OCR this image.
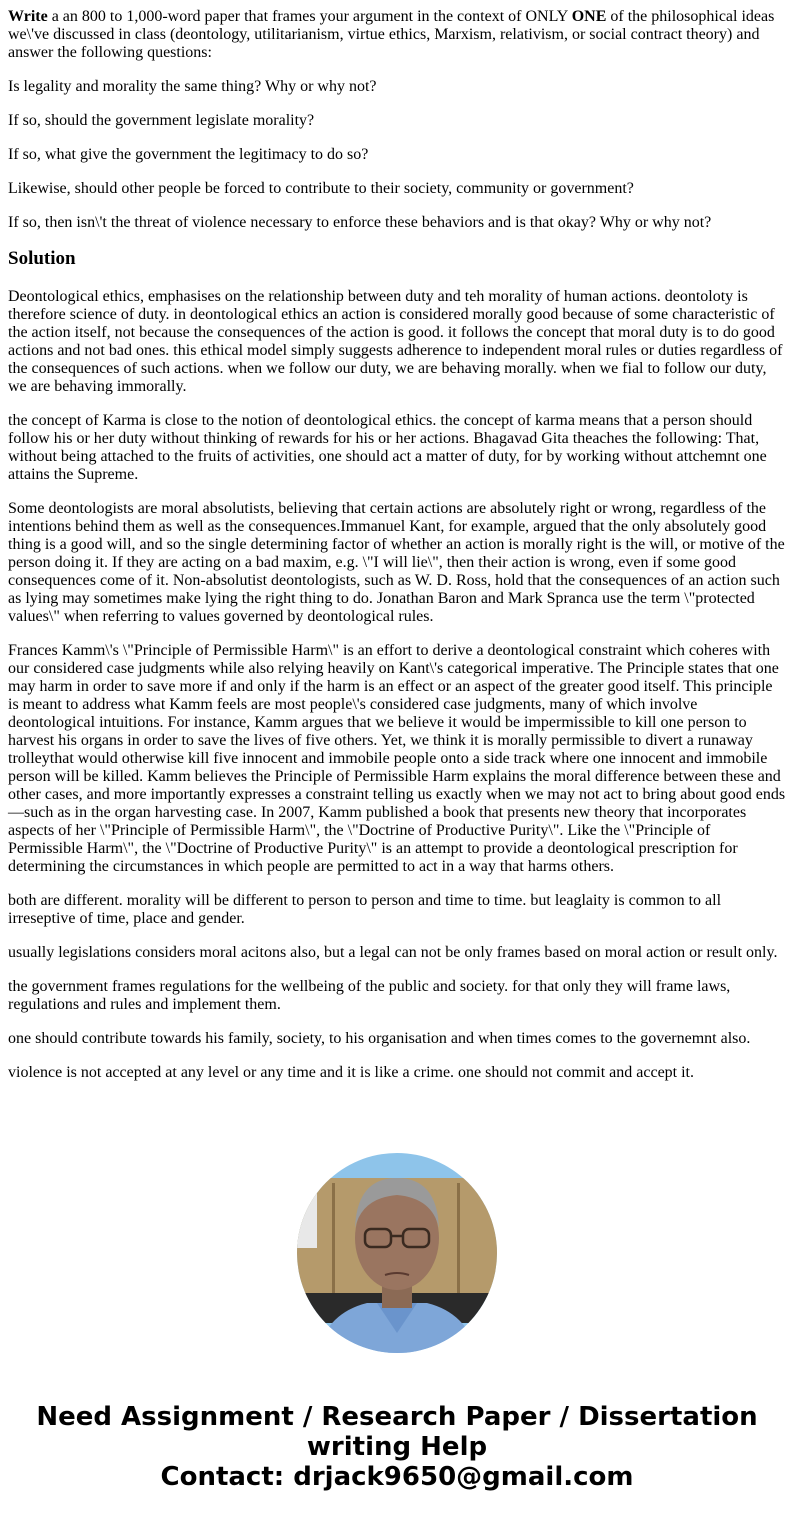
Write a an 800 to 1,000-word paper that frames your argument in the context of ONLY ONE of the philosophical ideas we\'ve discussed in class (deontology, utilitarianism, virtue ethics, Marxism, relativism, or social contract theory) and answer the following questions:

Is legality and morality the same thing? Why or why not?

If so, should the government legislate morality?

If so, what give the government the legitimacy to do so?

Likewise, should other people be forced to contribute to their society, community or government?

If so, then isn\'t the threat of violence necessary to enforce these behaviors and is that okay? Why or why not?

Solution

Deontological ethics, emphasises on the relationship between duty and teh morality of human actions. deontoloty is therefore science of duty. in deontological ethics an action is considered morally good because of some characteristic of the action itself, not because the consequences of the action is good. it follows the concept that moral duty is to do good actions and not bad ones. this ethical model simply suggests adherence to independent moral rules or duties regardless of the consequences of such actions. when we follow our duty, we are behaving morally. when we fial to follow our duty, we are behaving immorally.

the concept of Karma is close to the notion of deontological ethics. the concept of karma means that a person should follow his or her duty without thinking of rewards for his or her actions. Bhagavad Gita theaches the following: That, without being attached to the fruits of activities, one should act a matter of duty, for by working without attchemnt one attains the Supreme.

Some deontologists are moral absolutists, believing that certain actions are absolutely right or wrong, regardless of the intentions behind them as well as the consequences.Immanuel Kant, for example, argued that the only absolutely good thing is a good will, and so the single determining factor of whether an action is morally right is the will, or motive of the person doing it. If they are acting on a bad maxim, e.g. \"I will lie\", then their action is wrong, even if some good consequences come of it. Non-absolutist deontologists, such as W. D. Ross, hold that the consequences of an action such as lying may sometimes make lying the right thing to do. Jonathan Baron and Mark Spranca use the term \"protected values\" when referring to values governed by deontological rules.

Frances Kamm\'s \"Principle of Permissible Harm\" is an effort to derive a deontological constraint which coheres with our considered case judgments while also relying heavily on Kant\'s categorical imperative. The Principle states that one may harm in order to save more if and only if the harm is an effect or an aspect of the greater good itself. This principle is meant to address what Kamm feels are most people\'s considered case judgments, many of which involve deontological intuitions. For instance, Kamm argues that we believe it would be impermissible to kill one person to harvest his organs in order to save the lives of five others. Yet, we think it is morally permissible to divert a runaway trolleythat would otherwise kill five innocent and immobile people onto a side track where one innocent and immobile person will be killed. Kamm believes the Principle of Permissible Harm explains the moral difference between these and other cases, and more importantly expresses a constraint telling us exactly when we may not act to bring about good ends—such as in the organ harvesting case. In 2007, Kamm published a book that presents new theory that incorporates aspects of her \"Principle of Permissible Harm\", the \"Doctrine of Productive Purity\". Like the \"Principle of Permissible Harm\", the \"Doctrine of Productive Purity\" is an attempt to provide a deontological prescription for determining the circumstances in which people are permitted to act in a way that harms others.

both are different. morality will be different to person to person and time to time. but leaglaity is common to all irreseptive of time, place and gender.

usually legislations considers moral acitons also, but a legal can not be only frames based on moral action or result only.

the government frames regulations for the wellbeing of the public and society. for that only they will frame laws, regulations and rules and implement them.

one should contribute towards his family, society, to his organisation and when times comes to the governemnt also.

violence is not accepted at any level or any time and it is like a crime. one should not commit and accept it.

Need Assignment / Research Paper / Dissertation
writing Help
Contact: drjack9650@gmail.com
